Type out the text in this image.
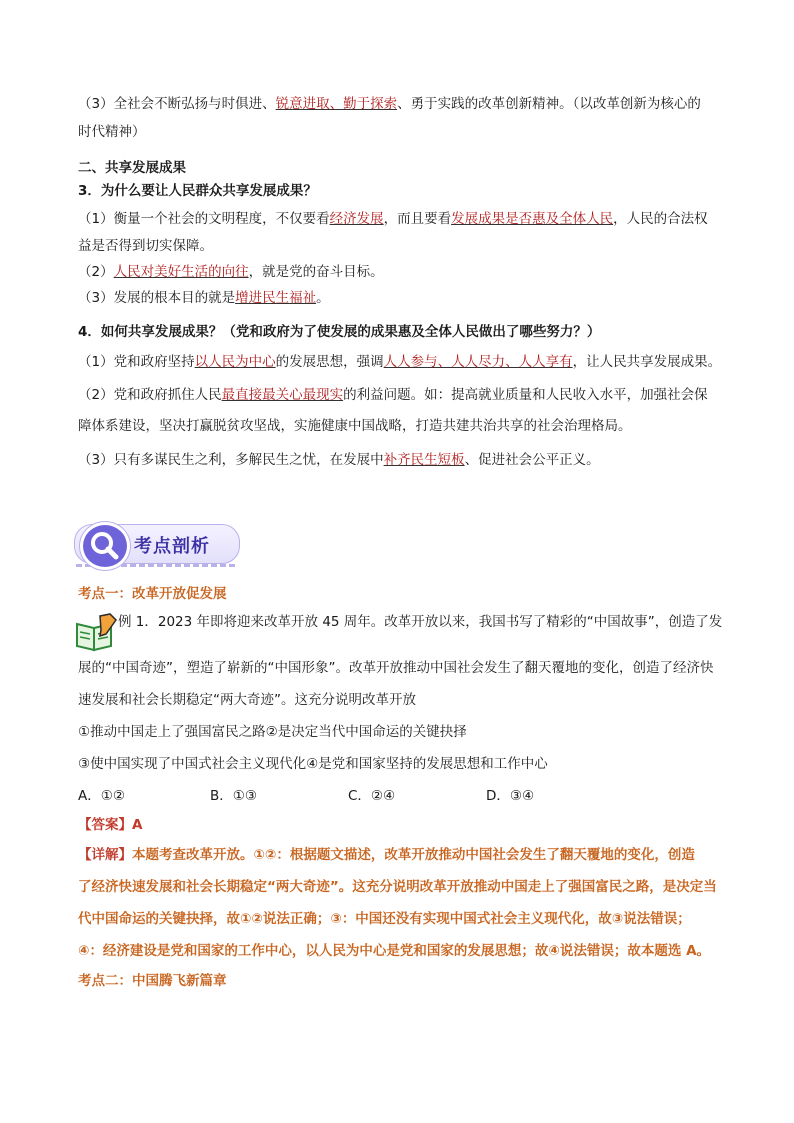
（3）全社会不断弘扬与时俱进、锐意进取、勤于探索、勇于实践的改革创新精神。（以改革创新为核心的
时代精神）
二、共享发展成果
3．为什么要让人民群众共享发展成果？
（1）衡量一个社会的文明程度，不仅要看经济发展，而且要看发展成果是否惠及全体人民，人民的合法权
益是否得到切实保障。
（2）人民对美好生活的向往，就是党的奋斗目标。
（3）发展的根本目的就是增进民生福祉。
4．如何共享发展成果？（党和政府为了使发展的成果惠及全体人民做出了哪些努力？）
（1）党和政府坚持以人民为中心的发展思想，强调人人参与、人人尽力、人人享有，让人民共享发展成果。
（2）党和政府抓住人民最直接最关心最现实的利益问题。如：提高就业质量和人民收入水平，加强社会保
障体系建设，坚决打赢脱贫攻坚战，实施健康中国战略，打造共建共治共享的社会治理格局。
（3）只有多谋民生之利，多解民生之忧，在发展中补齐民生短板、促进社会公平正义。
考点剖析
考点一：改革开放促发展
例 1．2023 年即将迎来改革开放 45 周年。改革开放以来，我国书写了精彩的“中国故事”，创造了发
展的“中国奇迹”，塑造了崭新的“中国形象”。改革开放推动中国社会发生了翻天覆地的变化，创造了经济快
速发展和社会长期稳定“两大奇迹”。这充分说明改革开放
①推动中国走上了强国富民之路②是决定当代中国命运的关键抉择
③使中国实现了中国式社会主义现代化④是党和国家坚持的发展思想和工作中心
A．①②	B．①③	C．②④	D．③④
【答案】A
【详解】本题考查改革开放。①②：根据题文描述，改革开放推动中国社会发生了翻天覆地的变化，创造
了经济快速发展和社会长期稳定“两大奇迹”。这充分说明改革开放推动中国走上了强国富民之路，是决定当
代中国命运的关键抉择，故①②说法正确；③：中国还没有实现中国式社会主义现代化，故③说法错误；
④：经济建设是党和国家的工作中心，以人民为中心是党和国家的发展思想；故④说法错误；故本题选 A。
考点二：中国腾飞新篇章
